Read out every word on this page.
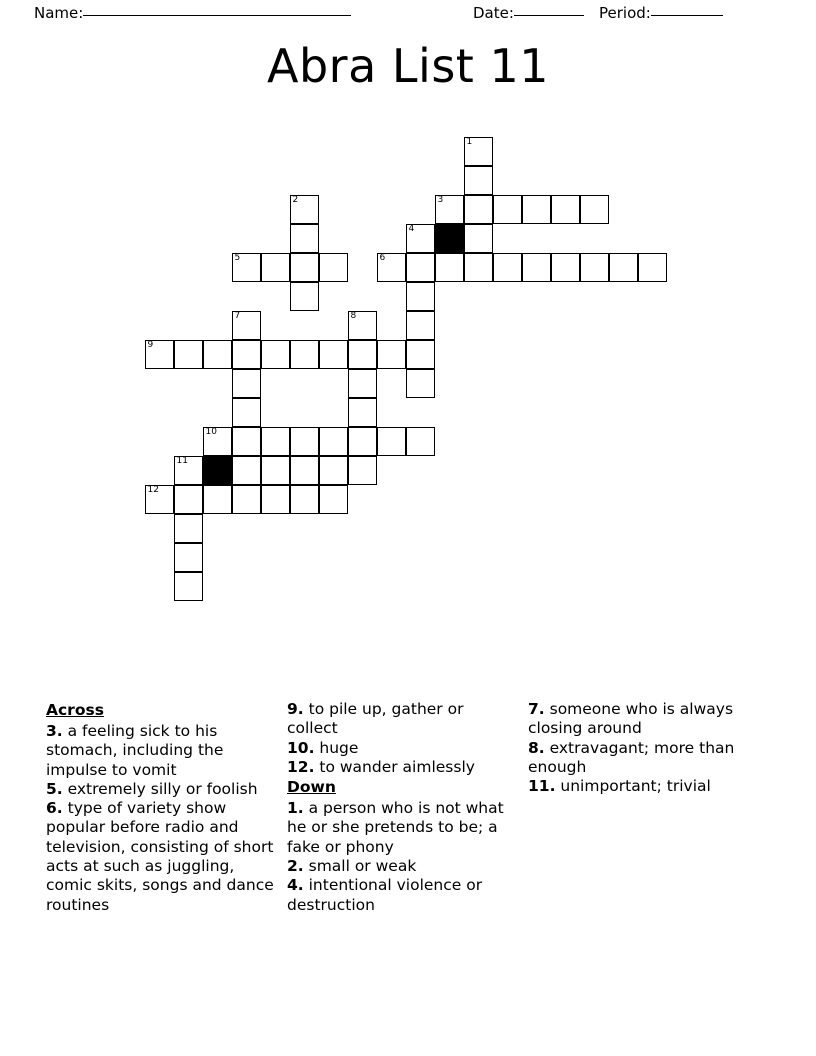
Name:	Date:	Period:
Abra List 11
1
2	3
4
5	6
7	8
9
10
11
12
Across
3. a feeling sick to his stomach, including the impulse to vomit
5. extremely silly or foolish
6. type of variety show popular before radio and television, consisting of short acts at such as juggling, comic skits, songs and dance routines
9. to pile up, gather or collect
10. huge
12. to wander aimlessly
Down
1. a person who is not what he or she pretends to be; a fake or phony
2. small or weak
4. intentional violence or destruction
7. someone who is always closing around
8. extravagant; more than enough
11. unimportant; trivial
